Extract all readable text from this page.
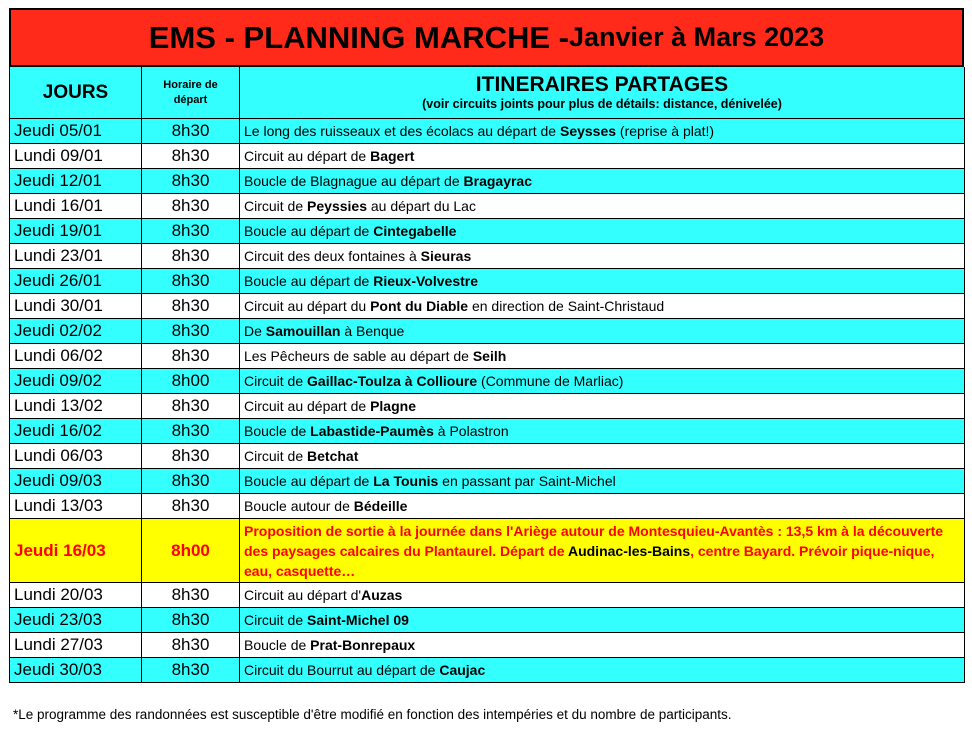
EMS - PLANNING MARCHE - Janvier à Mars 2023
JOURS	Horaire de départ	ITINERAIRES PARTAGES
(voir circuits joints pour plus de détails: distance, dénivelée)

Jeudi 05/01	8h30	Le long des ruisseaux et des écolacs au départ de Seysses (reprise à plat!)
Lundi 09/01	8h30	Circuit au départ de Bagert
Jeudi 12/01	8h30	Boucle de Blagnague au départ de Bragayrac
Lundi 16/01	8h30	Circuit de Peyssies au départ du Lac
Jeudi 19/01	8h30	Boucle au départ de Cintegabelle
Lundi 23/01	8h30	Circuit des deux fontaines à Sieuras
Jeudi 26/01	8h30	Boucle au départ de Rieux-Volvestre
Lundi 30/01	8h30	Circuit au départ du Pont du Diable en direction de Saint-Christaud
Jeudi 02/02	8h30	De Samouillan à Benque
Lundi 06/02	8h30	Les Pêcheurs de sable au départ de Seilh
Jeudi 09/02	8h00	Circuit de Gaillac-Toulza à Collioure (Commune de Marliac)
Lundi 13/02	8h30	Circuit au départ de Plagne
Jeudi 16/02	8h30	Boucle de Labastide-Paumès à Polastron
Lundi 06/03	8h30	Circuit de Betchat
Jeudi 09/03	8h30	Boucle au départ de La Tounis en passant par Saint-Michel
Lundi 13/03	8h30	Boucle autour de Bédeille
Jeudi 16/03	8h00	Proposition de sortie à la journée dans l'Ariège autour de Montesquieu-Avantès : 13,5 km à la découverte des paysages calcaires du Plantaurel. Départ de Audinac-les-Bains, centre Bayard. Prévoir pique-nique, eau, casquette…
Lundi 20/03	8h30	Circuit au départ d'Auzas
Jeudi 23/03	8h30	Circuit de Saint-Michel 09
Lundi 27/03	8h30	Boucle de Prat-Bonrepaux
Jeudi 30/03	8h30	Circuit du Bourrut au départ de Caujac
*Le programme des randonnées est susceptible d'être modifié en fonction des intempéries et du nombre de participants.
